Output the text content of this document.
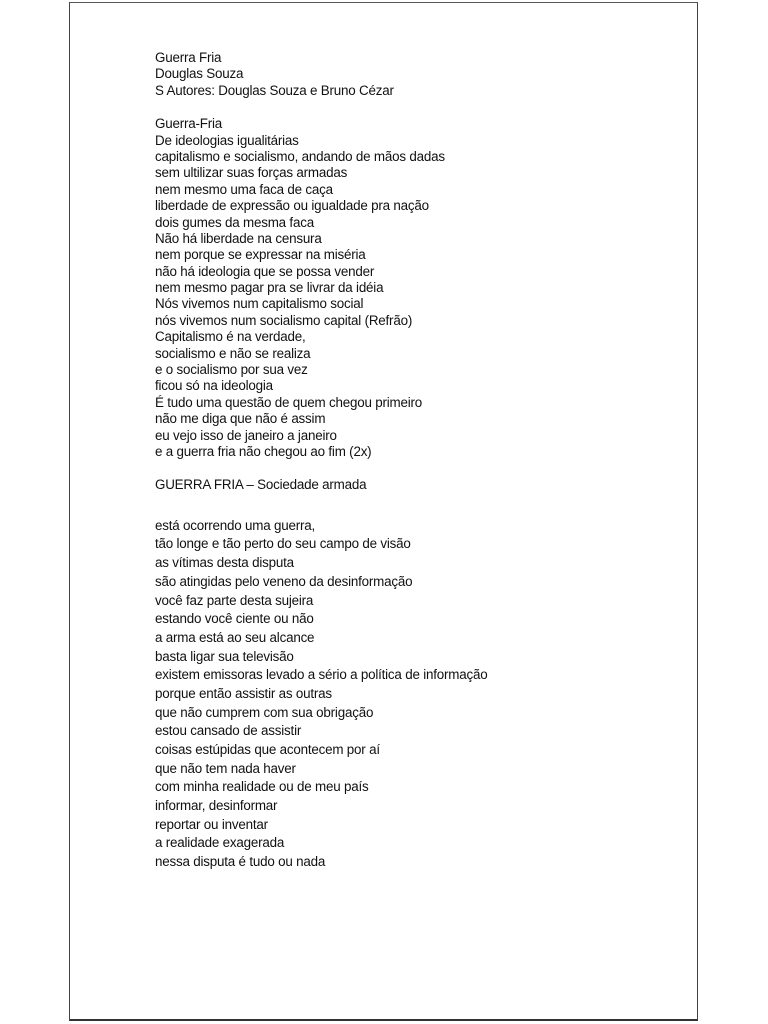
Guerra Fria
Douglas Souza
S Autores: Douglas Souza e Bruno Cézar
Guerra-Fria
De ideologias igualitárias
capitalismo e socialismo, andando de mãos dadas
sem ultilizar suas forças armadas
nem mesmo uma faca de caça
liberdade de expressão ou igualdade pra nação
dois gumes da mesma faca
Não há liberdade na censura
nem porque se expressar na miséria
não há ideologia que se possa vender
nem mesmo pagar pra se livrar da idéia
Nós vivemos num capitalismo social
nós vivemos num socialismo capital (Refrão)
Capitalismo é na verdade,
socialismo e não se realiza
e o socialismo por sua vez
ficou só na ideologia
É tudo uma questão de quem chegou primeiro
não me diga que não é assim
eu vejo isso de janeiro a janeiro
e a guerra fria não chegou ao fim (2x)
GUERRA FRIA – Sociedade armada
está ocorrendo uma guerra,
tão longe e tão perto do seu campo de visão
as vítimas desta disputa
são atingidas pelo veneno da desinformação
você faz parte desta sujeira
estando você ciente ou não
a arma está ao seu alcance
basta ligar sua televisão
existem emissoras levado a sério a política de informação
porque então assistir as outras
que não cumprem com sua obrigação
estou cansado de assistir
coisas estúpidas que acontecem por aí
que não tem nada haver
com minha realidade ou de meu país
informar, desinformar
reportar ou inventar
a realidade exagerada
nessa disputa é tudo ou nada
